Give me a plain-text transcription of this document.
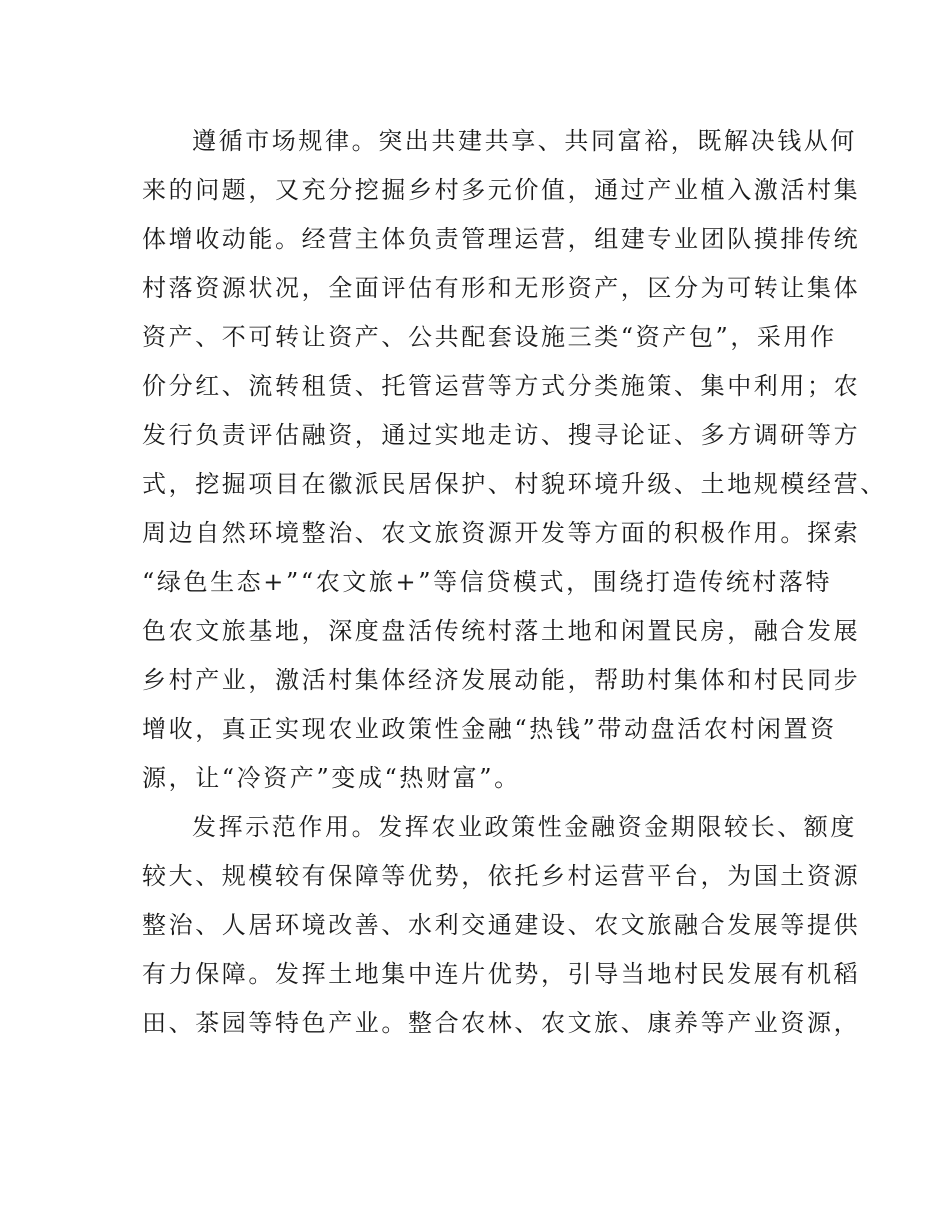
遵循市场规律。突出共建共享、共同富裕，既解决钱从何
来的问题，又充分挖掘乡村多元价值，通过产业植入激活村集
体增收动能。经营主体负责管理运营，组建专业团队摸排传统
村落资源状况，全面评估有形和无形资产，区分为可转让集体
资产、不可转让资产、公共配套设施三类“资产包”，采用作
价分红、流转租赁、托管运营等方式分类施策、集中利用；农
发行负责评估融资，通过实地走访、搜寻论证、多方调研等方
式，挖掘项目在徽派民居保护、村貌环境升级、土地规模经营、
周边自然环境整治、农文旅资源开发等方面的积极作用。探索
“绿色生态+”“农文旅+”等信贷模式，围绕打造传统村落特
色农文旅基地，深度盘活传统村落土地和闲置民房，融合发展
乡村产业，激活村集体经济发展动能，帮助村集体和村民同步
增收，真正实现农业政策性金融“热钱”带动盘活农村闲置资
源，让“冷资产”变成“热财富”。

发挥示范作用。发挥农业政策性金融资金期限较长、额度
较大、规模较有保障等优势，依托乡村运营平台，为国土资源
整治、人居环境改善、水利交通建设、农文旅融合发展等提供
有力保障。发挥土地集中连片优势，引导当地村民发展有机稻
田、茶园等特色产业。整合农林、农文旅、康养等产业资源，
